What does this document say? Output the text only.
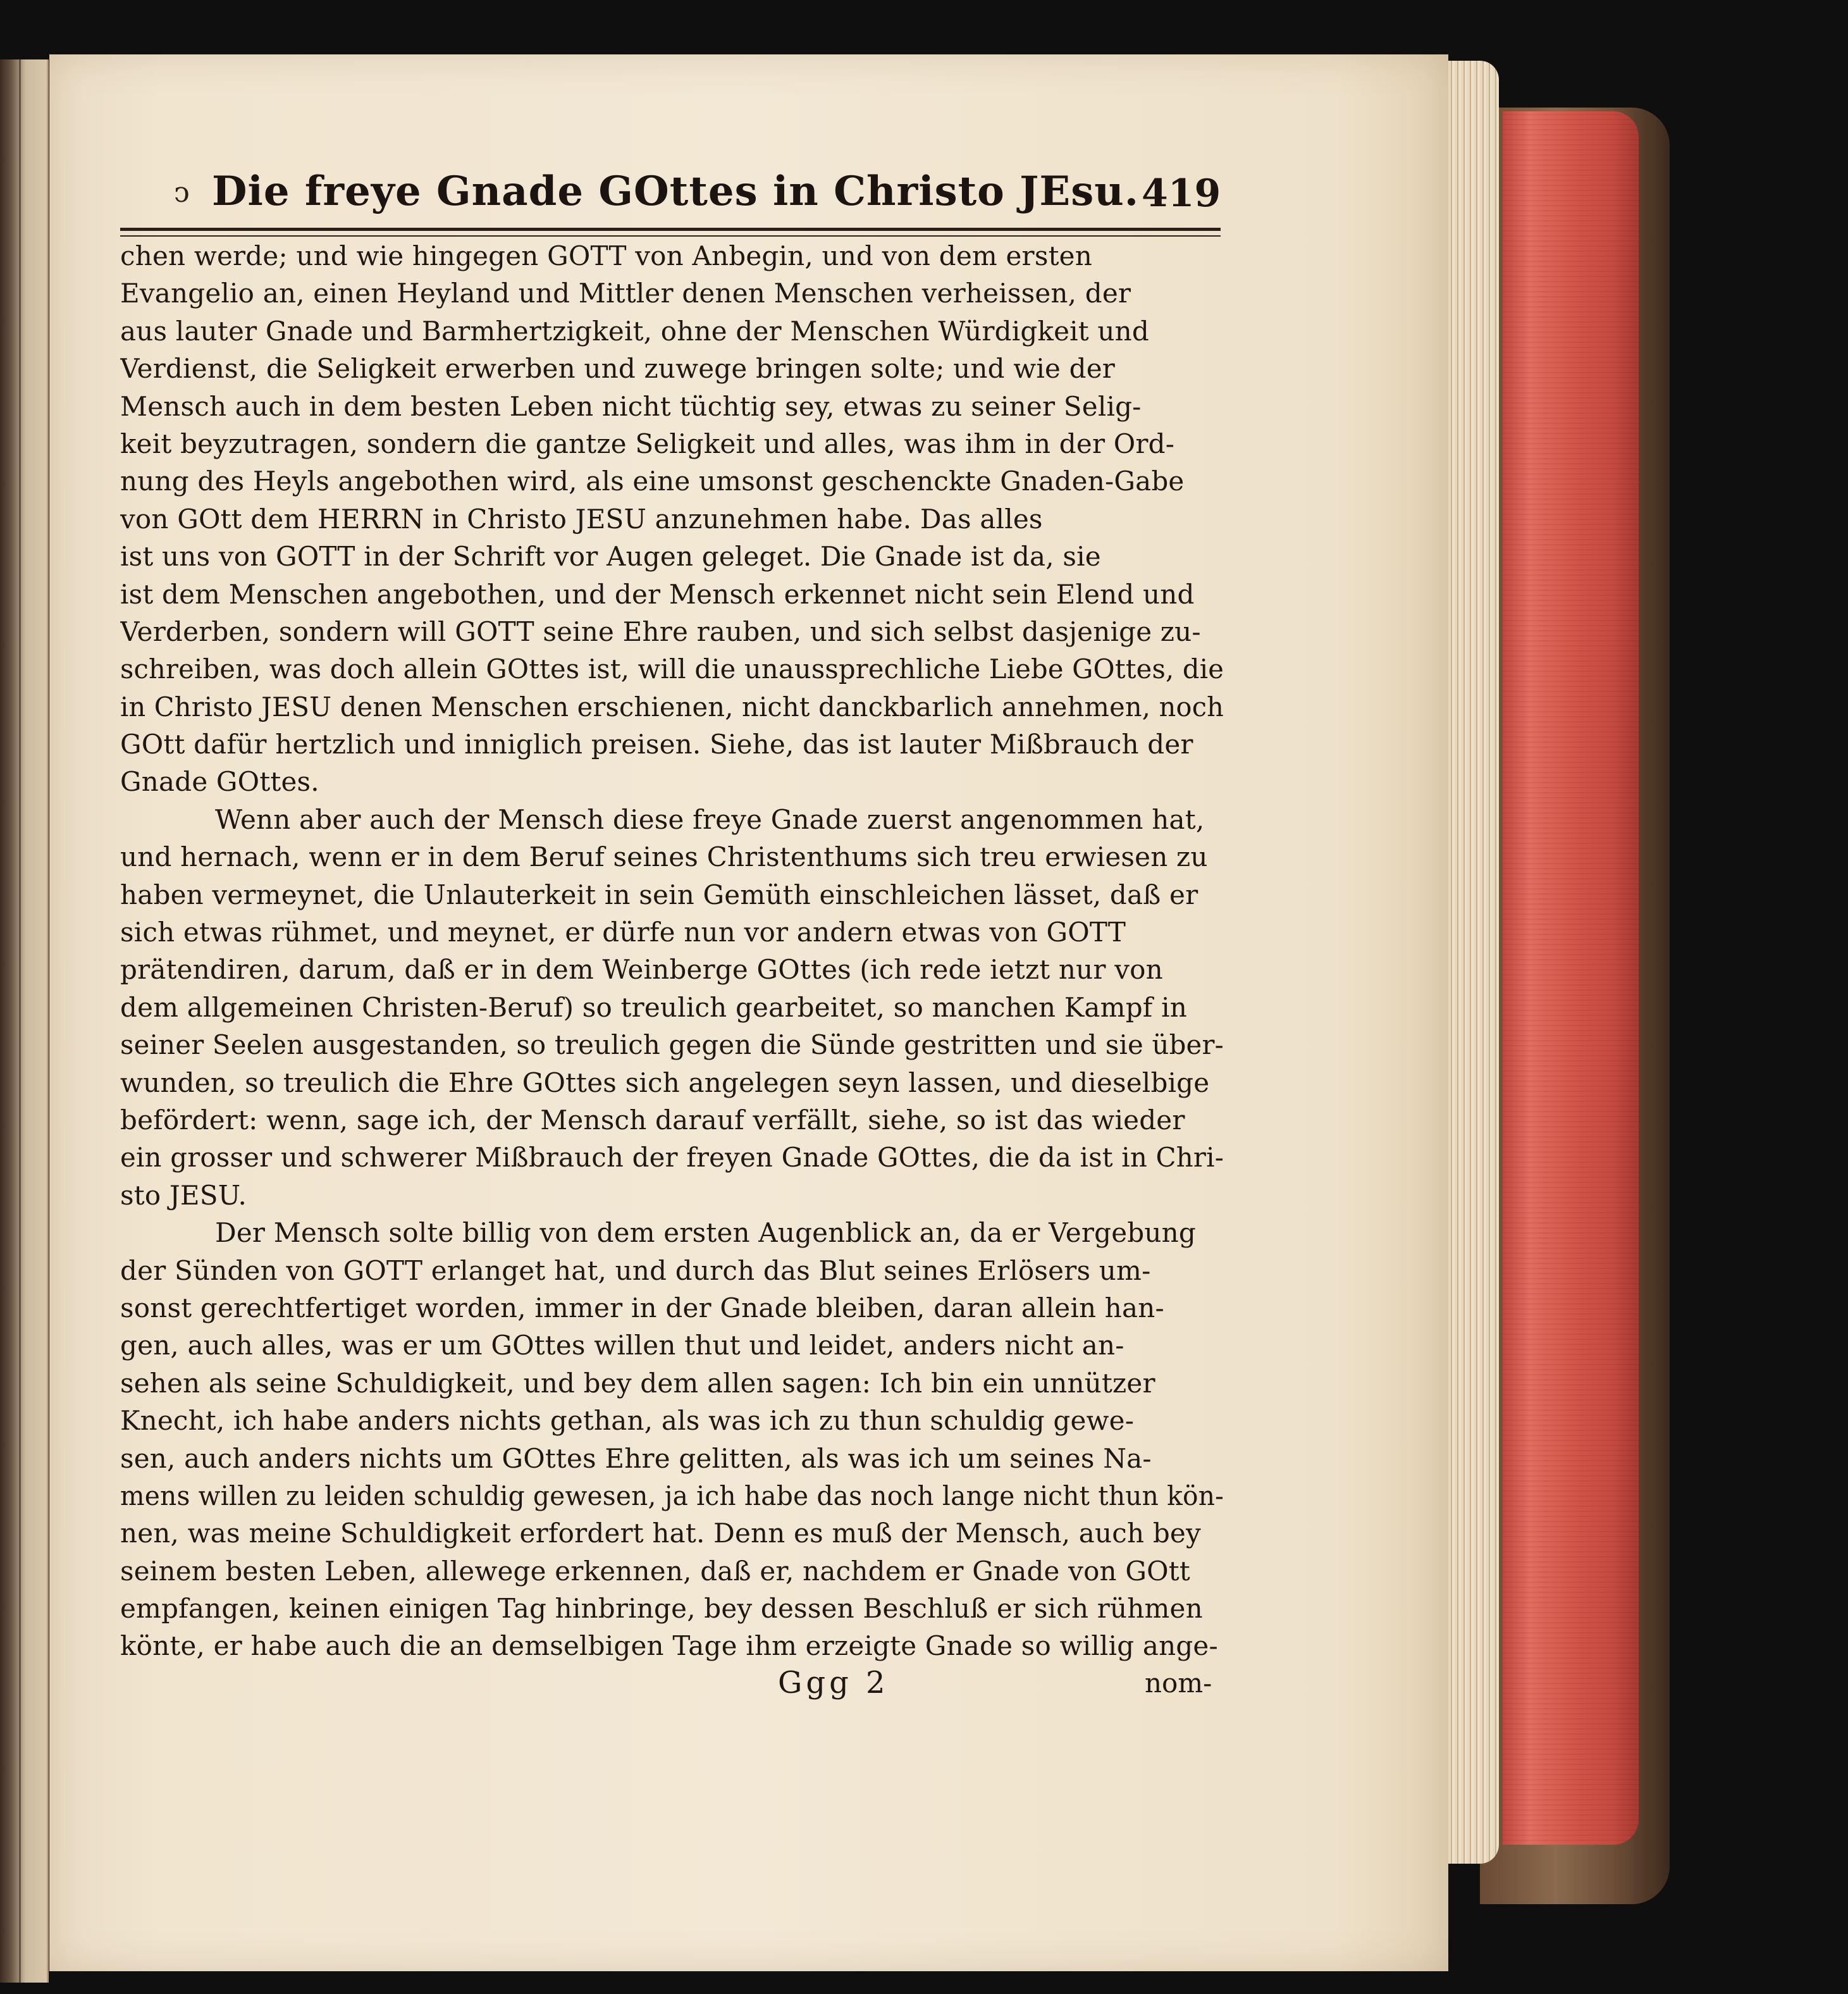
ↄ Die freye Gnade GOttes in Christo JEsu. 419
chen werde; und wie hingegen GOTT von Anbegin, und von dem ersten
Evangelio an, einen Heyland und Mittler denen Menschen verheissen, der
aus lauter Gnade und Barmhertzigkeit, ohne der Menschen Würdigkeit und
Verdienst, die Seligkeit erwerben und zuwege bringen solte; und wie der
Mensch auch in dem besten Leben nicht tüchtig sey, etwas zu seiner Selig-
keit beyzutragen, sondern die gantze Seligkeit und alles, was ihm in der Ord-
nung des Heyls angebothen wird, als eine umsonst geschenckte Gnaden-Gabe
von GOtt dem HERRN in Christo JESU anzunehmen habe. Das alles
ist uns von GOTT in der Schrift vor Augen geleget. Die Gnade ist da, sie
ist dem Menschen angebothen, und der Mensch erkennet nicht sein Elend und
Verderben, sondern will GOTT seine Ehre rauben, und sich selbst dasjenige zu-
schreiben, was doch allein GOttes ist, will die unaussprechliche Liebe GOttes, die
in Christo JESU denen Menschen erschienen, nicht danckbarlich annehmen, noch
GOtt dafür hertzlich und inniglich preisen. Siehe, das ist lauter Mißbrauch der
Gnade GOttes.
Wenn aber auch der Mensch diese freye Gnade zuerst angenommen hat,
und hernach, wenn er in dem Beruf seines Christenthums sich treu erwiesen zu
haben vermeynet, die Unlauterkeit in sein Gemüth einschleichen lässet, daß er
sich etwas rühmet, und meynet, er dürfe nun vor andern etwas von GOTT
prätendiren, darum, daß er in dem Weinberge GOttes (ich rede ietzt nur von
dem allgemeinen Christen-Beruf) so treulich gearbeitet, so manchen Kampf in
seiner Seelen ausgestanden, so treulich gegen die Sünde gestritten und sie über-
wunden, so treulich die Ehre GOttes sich angelegen seyn lassen, und dieselbige
befördert: wenn, sage ich, der Mensch darauf verfällt, siehe, so ist das wieder
ein grosser und schwerer Mißbrauch der freyen Gnade GOttes, die da ist in Chri-
sto JESU.
Der Mensch solte billig von dem ersten Augenblick an, da er Vergebung
der Sünden von GOTT erlanget hat, und durch das Blut seines Erlösers um-
sonst gerechtfertiget worden, immer in der Gnade bleiben, daran allein han-
gen, auch alles, was er um GOttes willen thut und leidet, anders nicht an-
sehen als seine Schuldigkeit, und bey dem allen sagen: Ich bin ein unnützer
Knecht, ich habe anders nichts gethan, als was ich zu thun schuldig gewe-
sen, auch anders nichts um GOttes Ehre gelitten, als was ich um seines Na-
mens willen zu leiden schuldig gewesen, ja ich habe das noch lange nicht thun kön-
nen, was meine Schuldigkeit erfordert hat. Denn es muß der Mensch, auch bey
seinem besten Leben, allewege erkennen, daß er, nachdem er Gnade von GOtt
empfangen, keinen einigen Tag hinbringe, bey dessen Beschluß er sich rühmen
könte, er habe auch die an demselbigen Tage ihm erzeigte Gnade so willig ange-
Ggg 2	nom-
